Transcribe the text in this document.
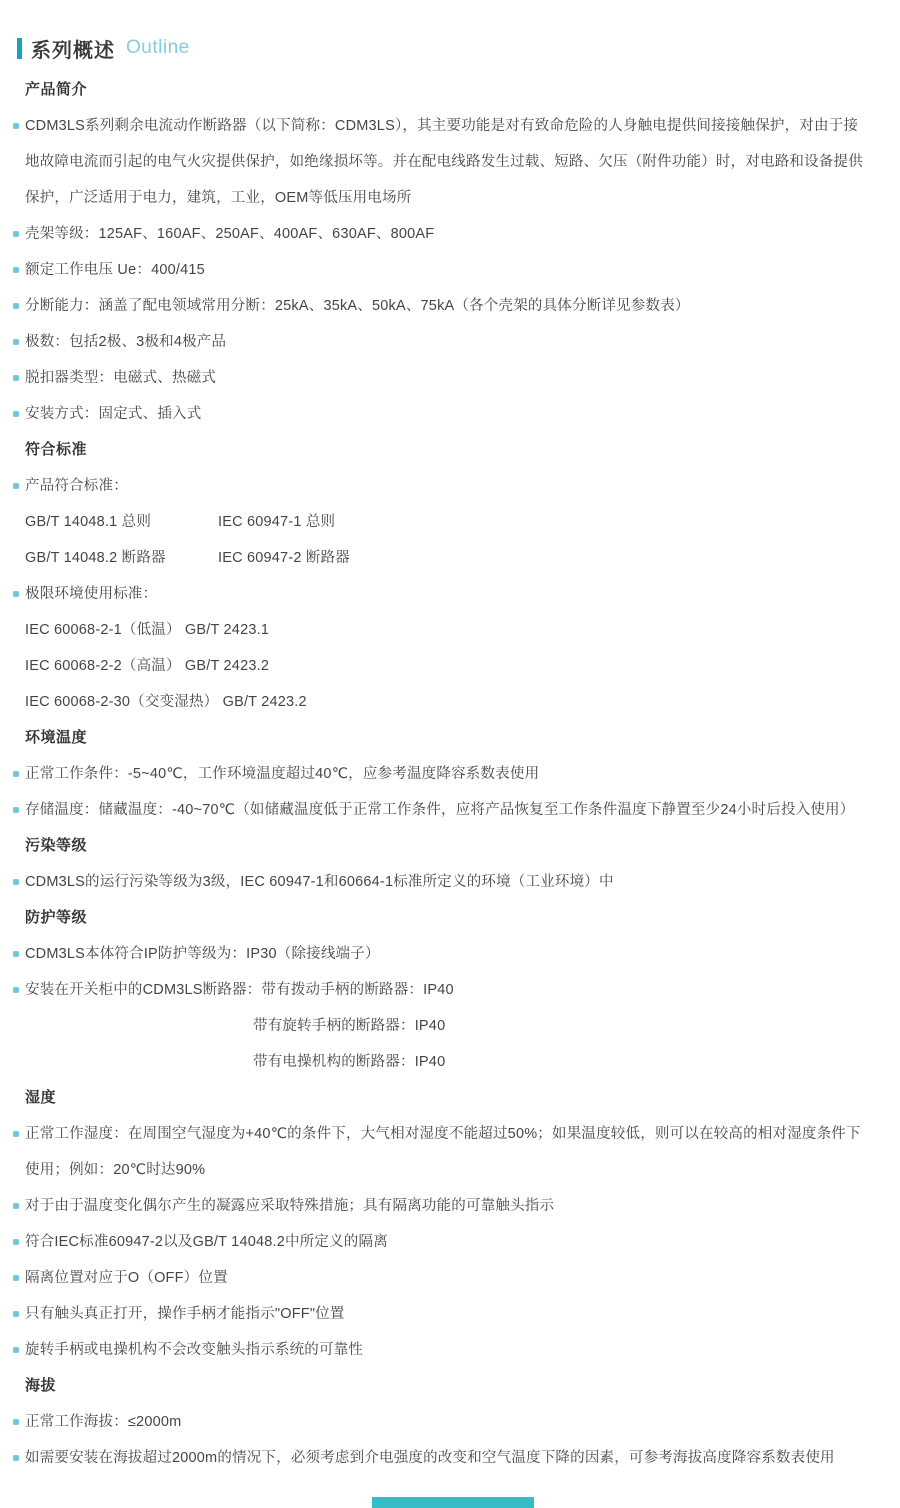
系列概述 Outline
产品简介
CDM3LS系列剩余电流动作断路器（以下简称：CDM3LS），其主要功能是对有致命危险的人身触电提供间接接触保护，对由于接地故障电流而引起的电气火灾提供保护，如绝缘损坏等。并在配电线路发生过载、短路、欠压（附件功能）时，对电路和设备提供保护，广泛适用于电力，建筑，工业，OEM等低压用电场所
壳架等级：125AF、160AF、250AF、400AF、630AF、800AF
额定工作电压 Ue：400/415
分断能力：涵盖了配电领域常用分断：25kA、35kA、50kA、75kA（各个壳架的具体分断详见参数表）
极数：包括2极、3极和4极产品
脱扣器类型：电磁式、热磁式
安装方式：固定式、插入式
符合标准
产品符合标准：
GB/T 14048.1 总则	IEC 60947-1 总则
GB/T 14048.2 断路器	IEC 60947-2 断路器
极限环境使用标准：
IEC 60068-2-1（低温） GB/T 2423.1
IEC 60068-2-2（高温） GB/T 2423.2
IEC 60068-2-30（交变湿热） GB/T 2423.2
环境温度
正常工作条件：-5~40℃，工作环境温度超过40℃，应参考温度降容系数表使用
存储温度：储藏温度：-40~70℃（如储藏温度低于正常工作条件，应将产品恢复至工作条件温度下静置至少24小时后投入使用）
污染等级
CDM3LS的运行污染等级为3级，IEC 60947-1和60664-1标准所定义的环境（工业环境）中
防护等级
CDM3LS本体符合IP防护等级为：IP30（除接线端子）
安装在开关柜中的CDM3LS断路器：带有拨动手柄的断路器：IP40
带有旋转手柄的断路器：IP40
带有电操机构的断路器：IP40
湿度
正常工作湿度：在周围空气湿度为+40℃的条件下，大气相对湿度不能超过50%；如果温度较低，则可以在较高的相对湿度条件下使用；例如：20℃时达90%
对于由于温度变化偶尔产生的凝露应采取特殊措施；具有隔离功能的可靠触头指示
符合IEC标准60947-2以及GB/T 14048.2中所定义的隔离
隔离位置对应于O（OFF）位置
只有触头真正打开，操作手柄才能指示"OFF"位置
旋转手柄或电操机构不会改变触头指示系统的可靠性
海拔
正常工作海拔：≤2000m
如需要安装在海拔超过2000m的情况下，必须考虑到介电强度的改变和空气温度下降的因素，可参考海拔高度降容系数表使用
